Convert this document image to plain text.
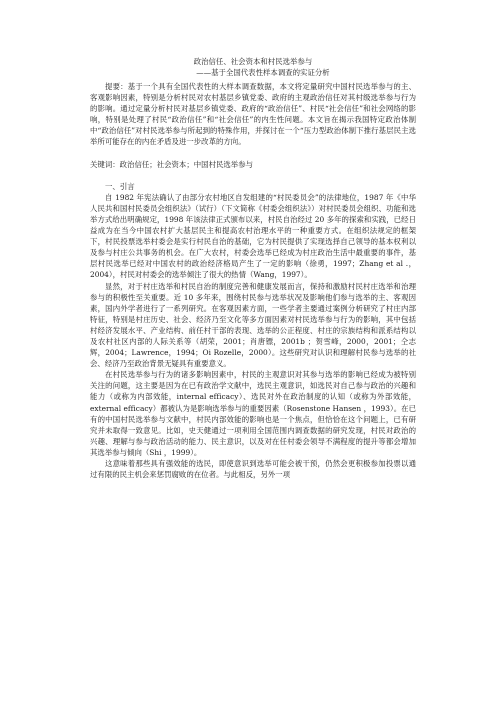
政治信任、社会资本和村民选举参与

——基于全国代表性样本调查的实证分析

提要：基于一个具有全国代表性的大样本调查数据，本文将定量研究中国村民选举参与的主、客观影响因素，特别是分析村民对农村基层乡镇党委、政府的主观政治信任对其村级选举参与行为的影响。通过定量分析村民对基层乡镇党委、政府的“政治信任”、村民“社会信任”和社会网络的影响，特别是处理了村民“政治信任”和“社会信任”的内生性问题。本文旨在揭示我国特定政治体制中“政治信任”对村民选举参与所起到的特殊作用，并探讨在一个“压力型政治体制下推行基层民主选举所可能存在的内在矛盾及进一步改革的方向。

关键词：政治信任；社会资本；中国村民选举参与

一、引言

自 1982 年宪法确认了由部分农村地区自发组建的“村民委员会”的法律地位，1987 年《中华人民共和国村民委员会组织法》（试行）（下文简称《村委会组织法》）对村民委员会组织、功能和选举方式给出明确规定，1998 年该法律正式颁布以来，村民自治经过 20 多年的探索和实践，已经日益成为在当今中国农村扩大基层民主和提高农村治理水平的一种重要方式。在组织法规定的框架下，村民投票选举村委会是实行村民自治的基础，它为村民提供了实现选择自己领导的基本权利以及参与村庄公共事务的机会。在广大农村，村委会选举已经成为村庄政治生活中最重要的事件，基层村民选举已经对中国农村的政治经济格局产生了一定的影响（徐勇，1997；Zhang et al .，2004），村民对村委会的选举倾注了很大的热情（Wang，1997）。

显然，对于村庄选举和村民自治的制度完善和健康发展而言，保持和激励村民村庄选举和治理参与的积极性至关重要。近 10 多年来，围绕村民参与选举状况及影响他们参与选举的主、客观因素，国内外学者进行了一系列研究。在客观因素方面，一些学者主要通过案例分析研究了村庄内部特征，特别是村庄历史、社会、经济乃至文化等多方面因素对村民选举参与行为的影响，其中包括村经济发展水平、产业结构、前任村干部的表现、选举的公正程度、村庄的宗族结构和派系结构以及农村社区内部的人际关系等（胡荣，2001；肖唐镖，2001b ；贺雪峰，2000，2001；仝志辉，2004；Lawrence，1994；Oi Rozelle，2000）。这些研究对认识和理解村民参与选举的社会、经济乃至政治背景无疑具有重要意义。

在村民选举参与行为的诸多影响因素中，村民的主观意识对其参与选举的影响已经成为被特别关注的问题，这主要是因为在已有政治学文献中，选民主观意识，如选民对自己参与政治的兴趣和能力（或称为内部效能，internal efficacy）、选民对外在政治制度的认知（或称为外部效能，external efficacy）都被认为是影响选举参与的重要因素（Rosenstone Hansen ，1993）。在已有的中国村民选举参与文献中，村民内部效能的影响也是一个焦点，但恰恰在这个问题上，已有研究并未取得一致意见。比如，史天健通过一项利用全国范围内调查数据的研究发现，村民对政治的兴趣、理解与参与政治活动的能力、民主意识，以及对在任村委会领导不满程度的提升等都会增加其选举参与倾向（Shi ，1999）。

这意味着那些具有强效能的选民，即使意识到选举可能会被干预，仍然会更积极参加投票以通过有限的民主机会来惩罚腐败的在位者。与此相反，另外一项
